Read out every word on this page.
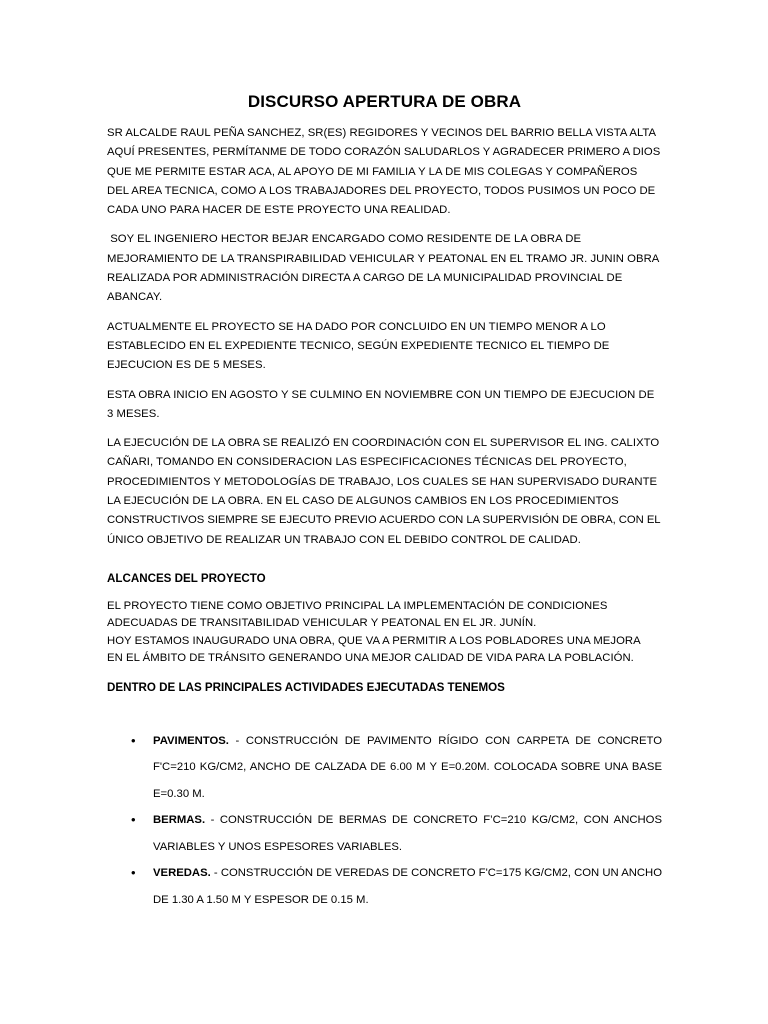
DISCURSO APERTURA DE OBRA
SR ALCALDE RAUL PEÑA SANCHEZ, SR(ES) REGIDORES Y VECINOS DEL BARRIO BELLA VISTA ALTA
AQUÍ PRESENTES, PERMÍTANME DE TODO CORAZÓN SALUDARLOS Y AGRADECER PRIMERO A DIOS
QUE ME PERMITE ESTAR ACA, AL APOYO DE MI FAMILIA Y LA DE MIS COLEGAS Y COMPAÑEROS
DEL AREA TECNICA, COMO A LOS TRABAJADORES DEL PROYECTO, TODOS PUSIMOS UN POCO DE
CADA UNO PARA HACER DE ESTE PROYECTO UNA REALIDAD.
SOY EL INGENIERO HECTOR BEJAR ENCARGADO COMO RESIDENTE DE LA OBRA DE
MEJORAMIENTO DE LA TRANSPIRABILIDAD VEHICULAR Y PEATONAL EN EL TRAMO JR. JUNIN OBRA
REALIZADA POR ADMINISTRACIÓN DIRECTA A CARGO DE LA MUNICIPALIDAD PROVINCIAL DE
ABANCAY.
ACTUALMENTE EL PROYECTO SE HA DADO POR CONCLUIDO EN UN TIEMPO MENOR A LO
ESTABLECIDO EN EL EXPEDIENTE TECNICO, SEGÚN EXPEDIENTE TECNICO EL TIEMPO DE
EJECUCION ES DE 5 MESES.
ESTA OBRA INICIO EN AGOSTO Y SE CULMINO EN NOVIEMBRE CON UN TIEMPO DE EJECUCION DE
3 MESES.
LA EJECUCIÓN DE LA OBRA SE REALIZÓ EN COORDINACIÓN CON EL SUPERVISOR EL ING. CALIXTO
CAÑARI, TOMANDO EN CONSIDERACION LAS ESPECIFICACIONES TÉCNICAS DEL PROYECTO,
PROCEDIMIENTOS Y METODOLOGÍAS DE TRABAJO, LOS CUALES SE HAN SUPERVISADO DURANTE
LA EJECUCIÓN DE LA OBRA. EN EL CASO DE ALGUNOS CAMBIOS EN LOS PROCEDIMIENTOS
CONSTRUCTIVOS SIEMPRE SE EJECUTO PREVIO ACUERDO CON LA SUPERVISIÓN DE OBRA, CON EL
ÚNICO OBJETIVO DE REALIZAR UN TRABAJO CON EL DEBIDO CONTROL DE CALIDAD.
ALCANCES DEL PROYECTO
EL PROYECTO TIENE COMO OBJETIVO PRINCIPAL LA IMPLEMENTACIÓN DE CONDICIONES
ADECUADAS DE TRANSITABILIDAD VEHICULAR Y PEATONAL EN EL JR. JUNÍN.
HOY ESTAMOS INAUGURADO UNA OBRA, QUE VA A PERMITIR A LOS POBLADORES UNA MEJORA
EN EL ÁMBITO DE TRÁNSITO GENERANDO UNA MEJOR CALIDAD DE VIDA PARA LA POBLACIÓN.
DENTRO DE LAS PRINCIPALES ACTIVIDADES EJECUTADAS TENEMOS
• PAVIMENTOS. - CONSTRUCCIÓN DE PAVIMENTO RÍGIDO CON CARPETA DE CONCRETO F'C=210 KG/CM2, ANCHO DE CALZADA DE 6.00 M Y E=0.20M. COLOCADA SOBRE UNA BASE E=0.30 M.
• BERMAS. - CONSTRUCCIÓN DE BERMAS DE CONCRETO F’C=210 KG/CM2, CON ANCHOS VARIABLES Y UNOS ESPESORES VARIABLES.
• VEREDAS. - CONSTRUCCIÓN DE VEREDAS DE CONCRETO F'C=175 KG/CM2, CON UN ANCHO DE 1.30 A 1.50 M Y ESPESOR DE 0.15 M.
